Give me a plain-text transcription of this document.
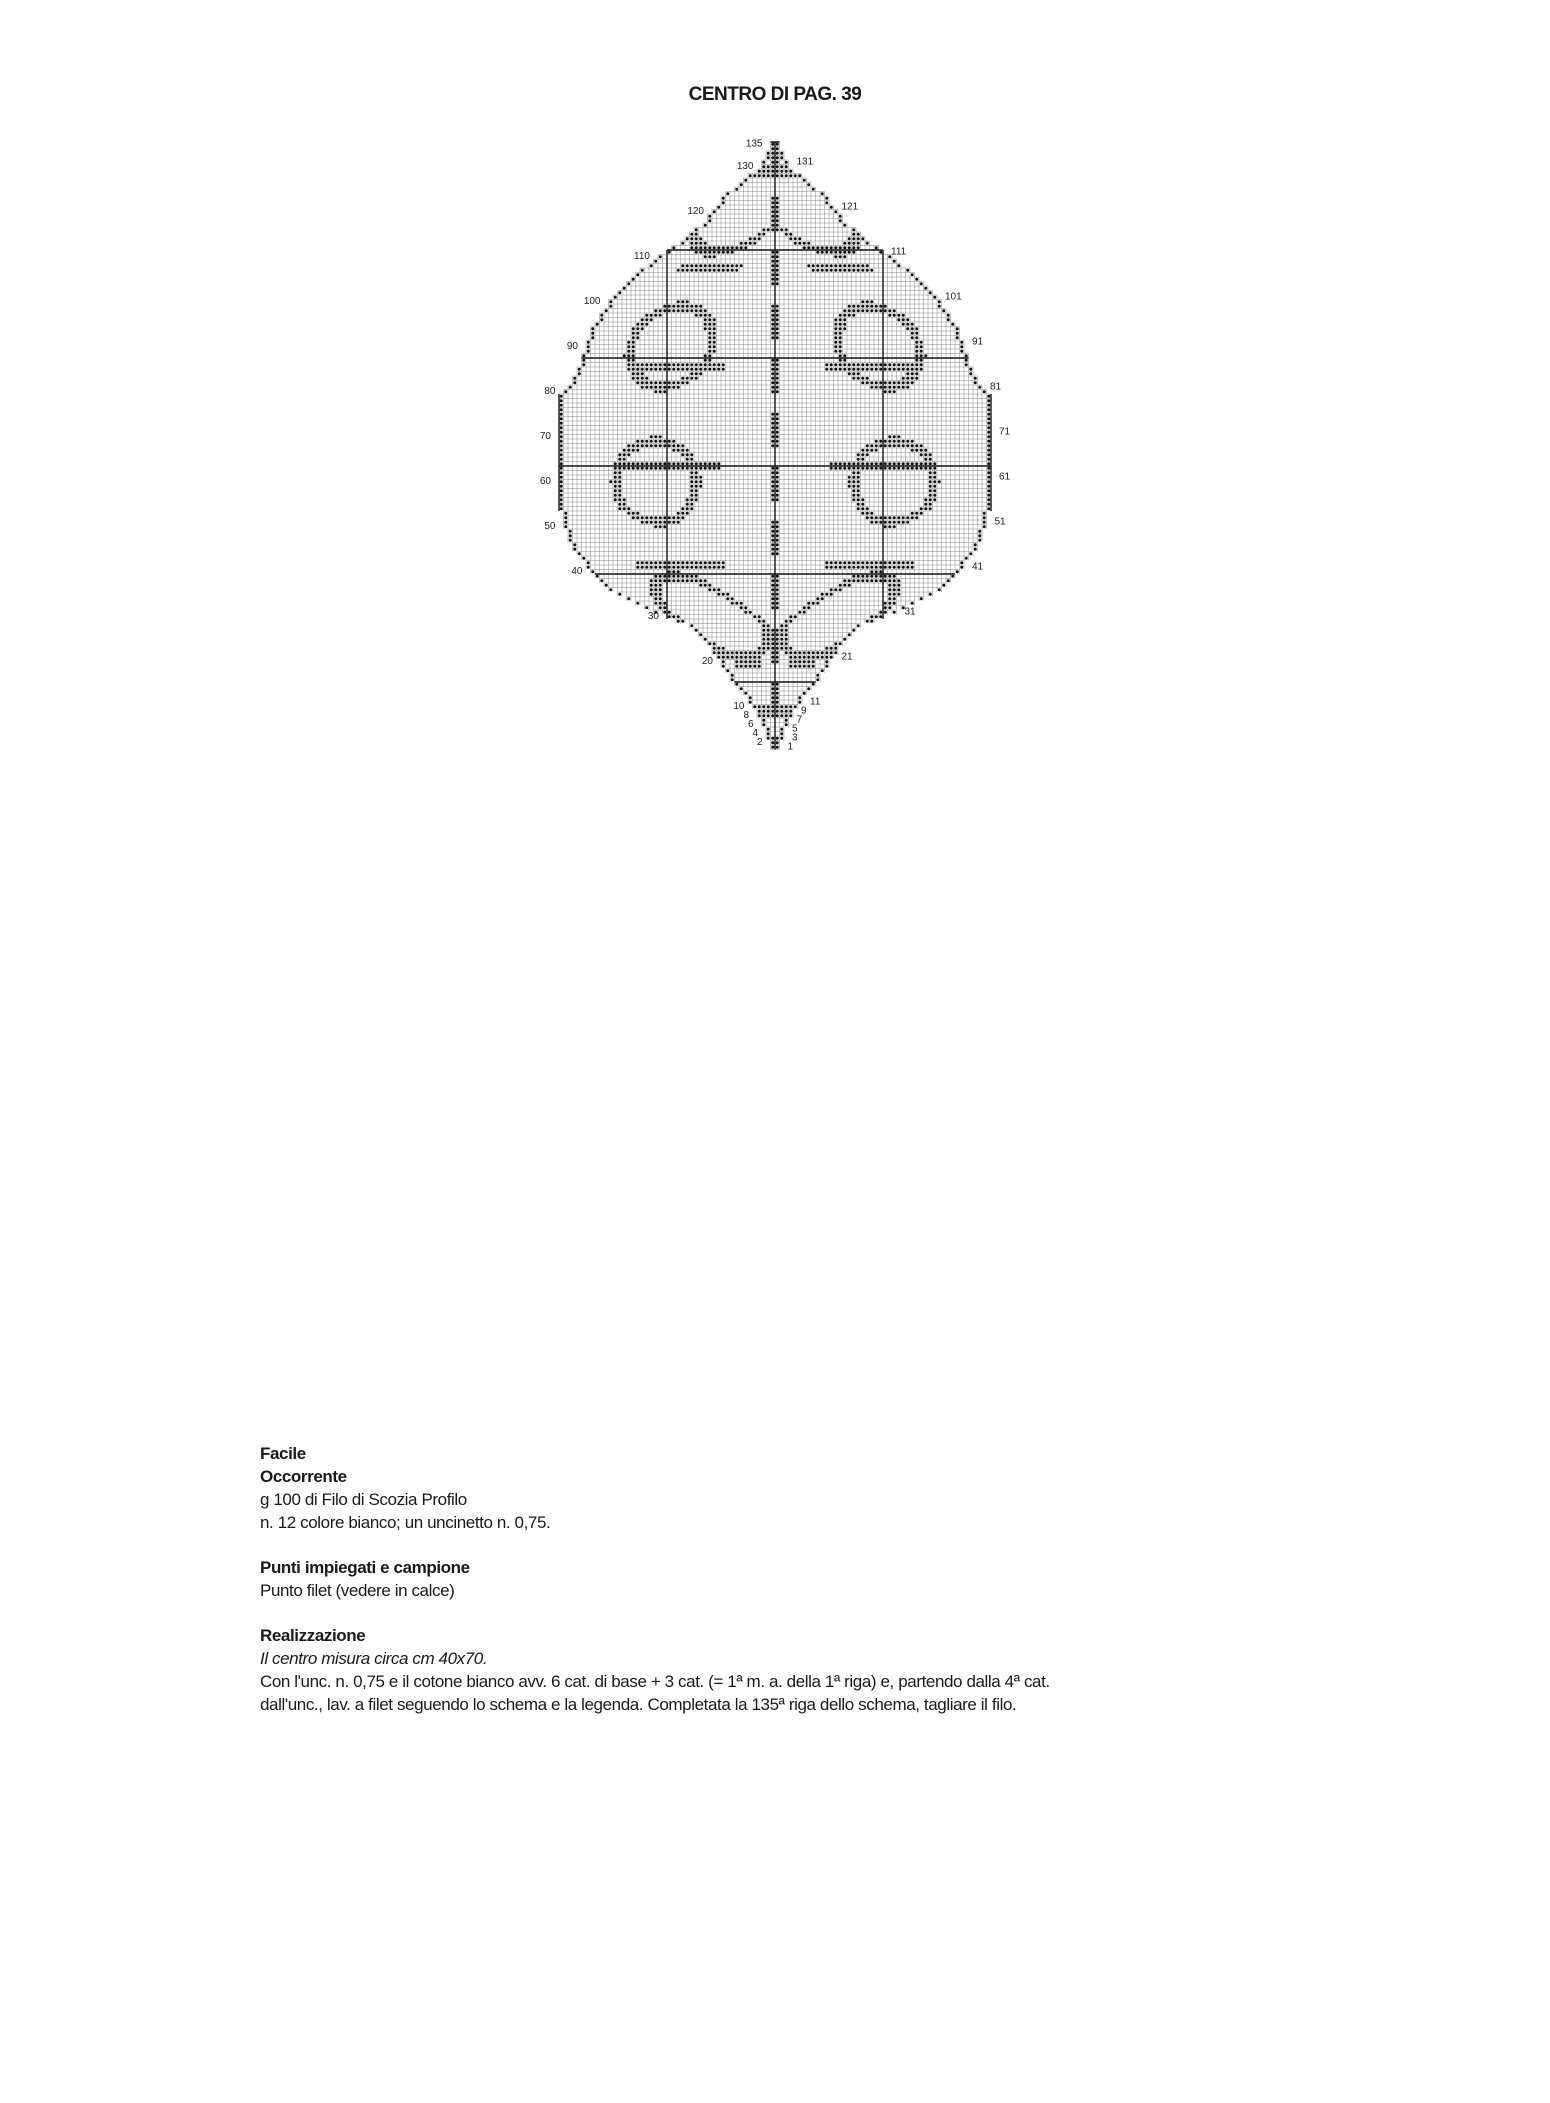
CENTRO DI PAG. 39
135
130
120
110
100
90
80
70
60
50
40
30
20
10
8
6
4
2
131
121
111
101
91
81
71
61
51
41
31
21
11
9
7
5
3
1
Facile
Occorrente
g 100 di Filo di Scozia Profilo
n. 12 colore bianco; un uncinetto n. 0,75.
Punti impiegati e campione
Punto filet (vedere in calce)
Realizzazione
Il centro misura circa cm 40x70.
Con l'unc. n. 0,75 e il cotone bianco avv. 6 cat. di base + 3 cat. (= 1ª m. a. della 1ª riga) e, partendo dalla 4ª cat.
dall'unc., lav. a filet seguendo lo schema e la legenda. Completata la 135ª riga dello schema, tagliare il filo.
